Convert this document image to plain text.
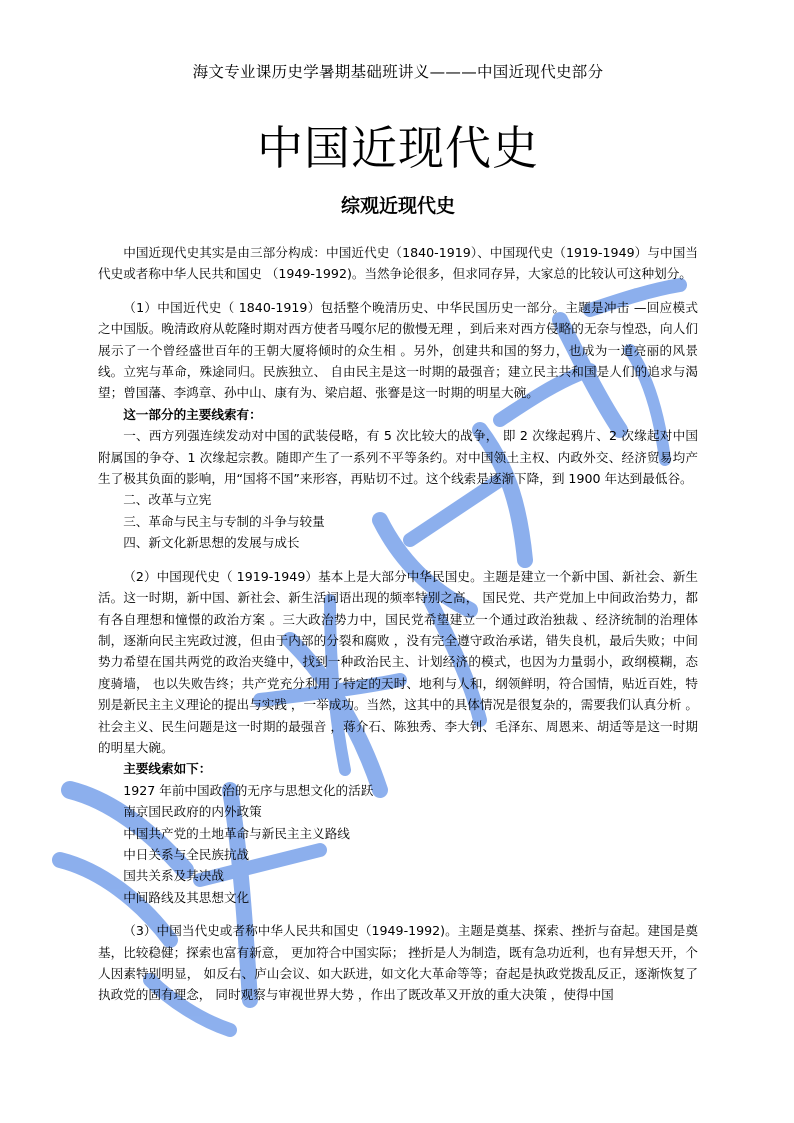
海文专业课历史学暑期基础班讲义———中国近现代史部分
中国近现代史
综观近现代史

中国近现代史其实是由三部分构成：中国近代史（1840-1919）、中国现代史（1919-1949）与中国当代史或者称中华人民共和国史 （1949-1992)。当然争论很多，但求同存异，大家总的比较认可这种划分。

（1）中国近代史（ 1840-1919）包括整个晚清历史、中华民国历史一部分。主题是冲击 —回应模式之中国版。晚清政府从乾隆时期对西方使者马嘎尔尼的傲慢无理 ，到后来对西方侵略的无奈与惶恐，向人们展示了一个曾经盛世百年的王朝大厦将倾时的众生相 。另外，创建共和国的努力，也成为一道亮丽的风景线。立宪与革命，殊途同归。民族独立、 自由民主是这一时期的最强音；建立民主共和国是人们的追求与渴望；曾国藩、李鸿章、孙中山、康有为、梁启超、张謇是这一时期的明星大碗。

这一部分的主要线索有：

一、西方列强连续发动对中国的武装侵略，有 5 次比较大的战争， 即 2 次缘起鸦片、2 次缘起对中国附属国的争夺、1 次缘起宗教。随即产生了一系列不平等条约。对中国领土主权、内政外交、经济贸易均产生了极其负面的影响，用“国将不国”来形容，再贴切不过。这个线索是逐渐下降，到 1900 年达到最低谷。

二、改革与立宪

三、革命与民主与专制的斗争与较量

四、新文化新思想的发展与成长

（2）中国现代史（ 1919-1949）基本上是大部分中华民国史。主题是建立一个新中国、新社会、新生活。这一时期，新中国、新社会、新生活词语出现的频率特别之高， 国民党、共产党加上中间政治势力，都有各自理想和憧憬的政治方案 。三大政治势力中，国民党希望建立一个通过政治独裁 、经济统制的治理体制，逐渐向民主宪政过渡，但由于内部的分裂和腐败 ，没有完全遵守政治承诺，错失良机，最后失败；中间势力希望在国共两党的政治夹缝中，找到一种政治民主、计划经济的模式，也因为力量弱小，政纲模糊，态度骑墙， 也以失败告终；共产党充分利用了特定的天时、地利与人和，纲领鲜明，符合国情，贴近百姓，特别是新民主主义理论的提出与实践 ，一举成功。当然，这其中的具体情况是很复杂的，需要我们认真分析 。社会主义、民生问题是这一时期的最强音 ，蒋介石、陈独秀、李大钊、毛泽东、周恩来、胡适等是这一时期的明星大碗。

主要线索如下：

1927 年前中国政治的无序与思想文化的活跃

南京国民政府的内外政策

中国共产党的土地革命与新民主主义路线

中日关系与全民族抗战

国共关系及其决战

中间路线及其思想文化

（3）中国当代史或者称中华人民共和国史（1949-1992)。主题是奠基、探索、挫折与奋起。建国是奠基，比较稳健；探索也富有新意， 更加符合中国实际； 挫折是人为制造，既有急功近利，也有异想天开，个人因素特别明显， 如反右、庐山会议、如大跃进，如文化大革命等等；奋起是执政党拨乱反正，逐渐恢复了执政党的固有理念， 同时观察与审视世界大势 ，作出了既改革又开放的重大决策 ，使得中国
